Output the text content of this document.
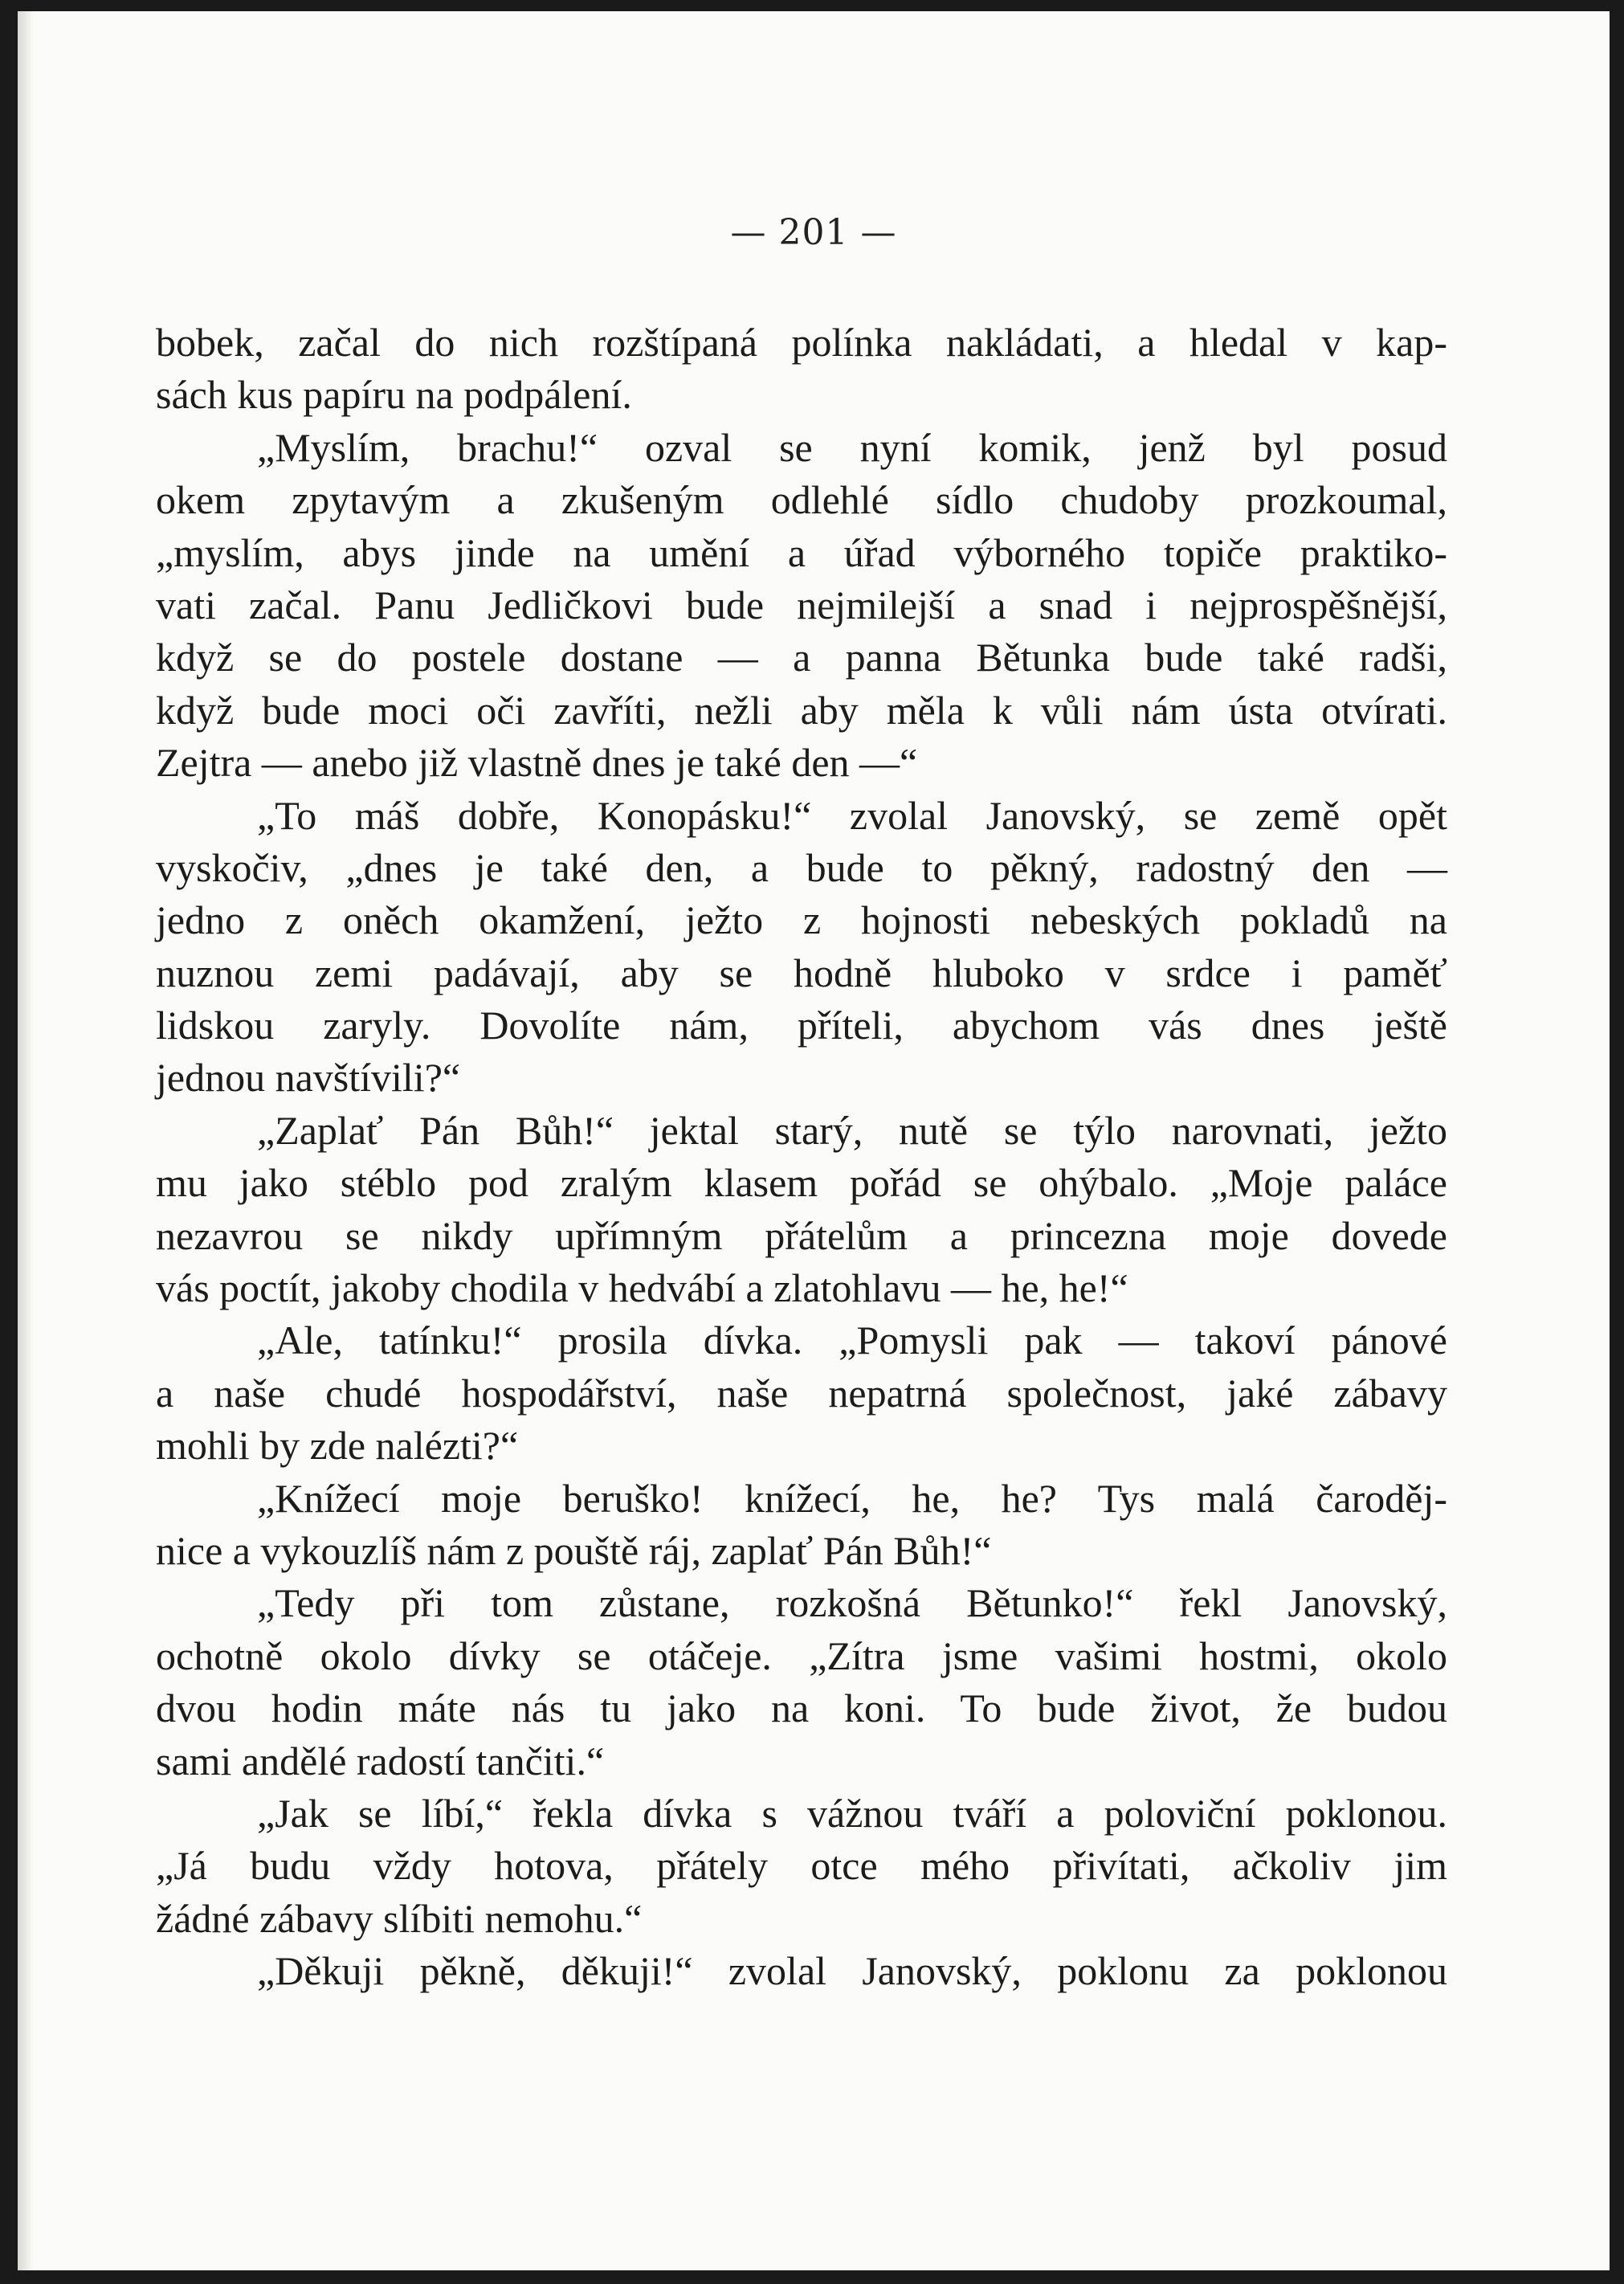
— 201 —
bobek, začal do nich rozštípaná polínka nakládati, a hledal v kap-
sách kus papíru na podpálení.
„Myslím, brachu!“ ozval se nyní komik, jenž byl posud
okem zpytavým a zkušeným odlehlé sídlo chudoby prozkoumal,
„myslím, abys jinde na umění a úřad výborného topiče praktiko-
vati začal. Panu Jedličkovi bude nejmilejší a snad i nejprospěšnější,
když se do postele dostane — a panna Bětunka bude také radši,
když bude moci oči zavříti, nežli aby měla k vůli nám ústa otvírati.
Zejtra — anebo již vlastně dnes je také den —“
„To máš dobře, Konopásku!“ zvolal Janovský, se země opět
vyskočiv, „dnes je také den, a bude to pěkný, radostný den —
jedno z oněch okamžení, ježto z hojnosti nebeských pokladů na
nuznou zemi padávají, aby se hodně hluboko v srdce i paměť
lidskou zaryly. Dovolíte nám, příteli, abychom vás dnes ještě
jednou navštívili?“
„Zaplať Pán Bůh!“ jektal starý, nutě se týlo narovnati, ježto
mu jako stéblo pod zralým klasem pořád se ohýbalo. „Moje paláce
nezavrou se nikdy upřímným přátelům a princezna moje dovede
vás poctít, jakoby chodila v hedvábí a zlatohlavu — he, he!“
„Ale, tatínku!“ prosila dívka. „Pomysli pak — takoví pánové
a naše chudé hospodářství, naše nepatrná společnost, jaké zábavy
mohli by zde nalézti?“
„Knížecí moje beruško! knížecí, he, he? Tys malá čaroděj-
nice a vykouzlíš nám z pouště ráj, zaplať Pán Bůh!“
„Tedy při tom zůstane, rozkošná Bětunko!“ řekl Janovský,
ochotně okolo dívky se otáčeje. „Zítra jsme vašimi hostmi, okolo
dvou hodin máte nás tu jako na koni. To bude život, že budou
sami andělé radostí tančiti.“
„Jak se líbí,“ řekla dívka s vážnou tváří a poloviční poklonou.
„Já budu vždy hotova, přátely otce mého přivítati, ačkoliv jim
žádné zábavy slíbiti nemohu.“
„Děkuji pěkně, děkuji!“ zvolal Janovský, poklonu za poklonou
